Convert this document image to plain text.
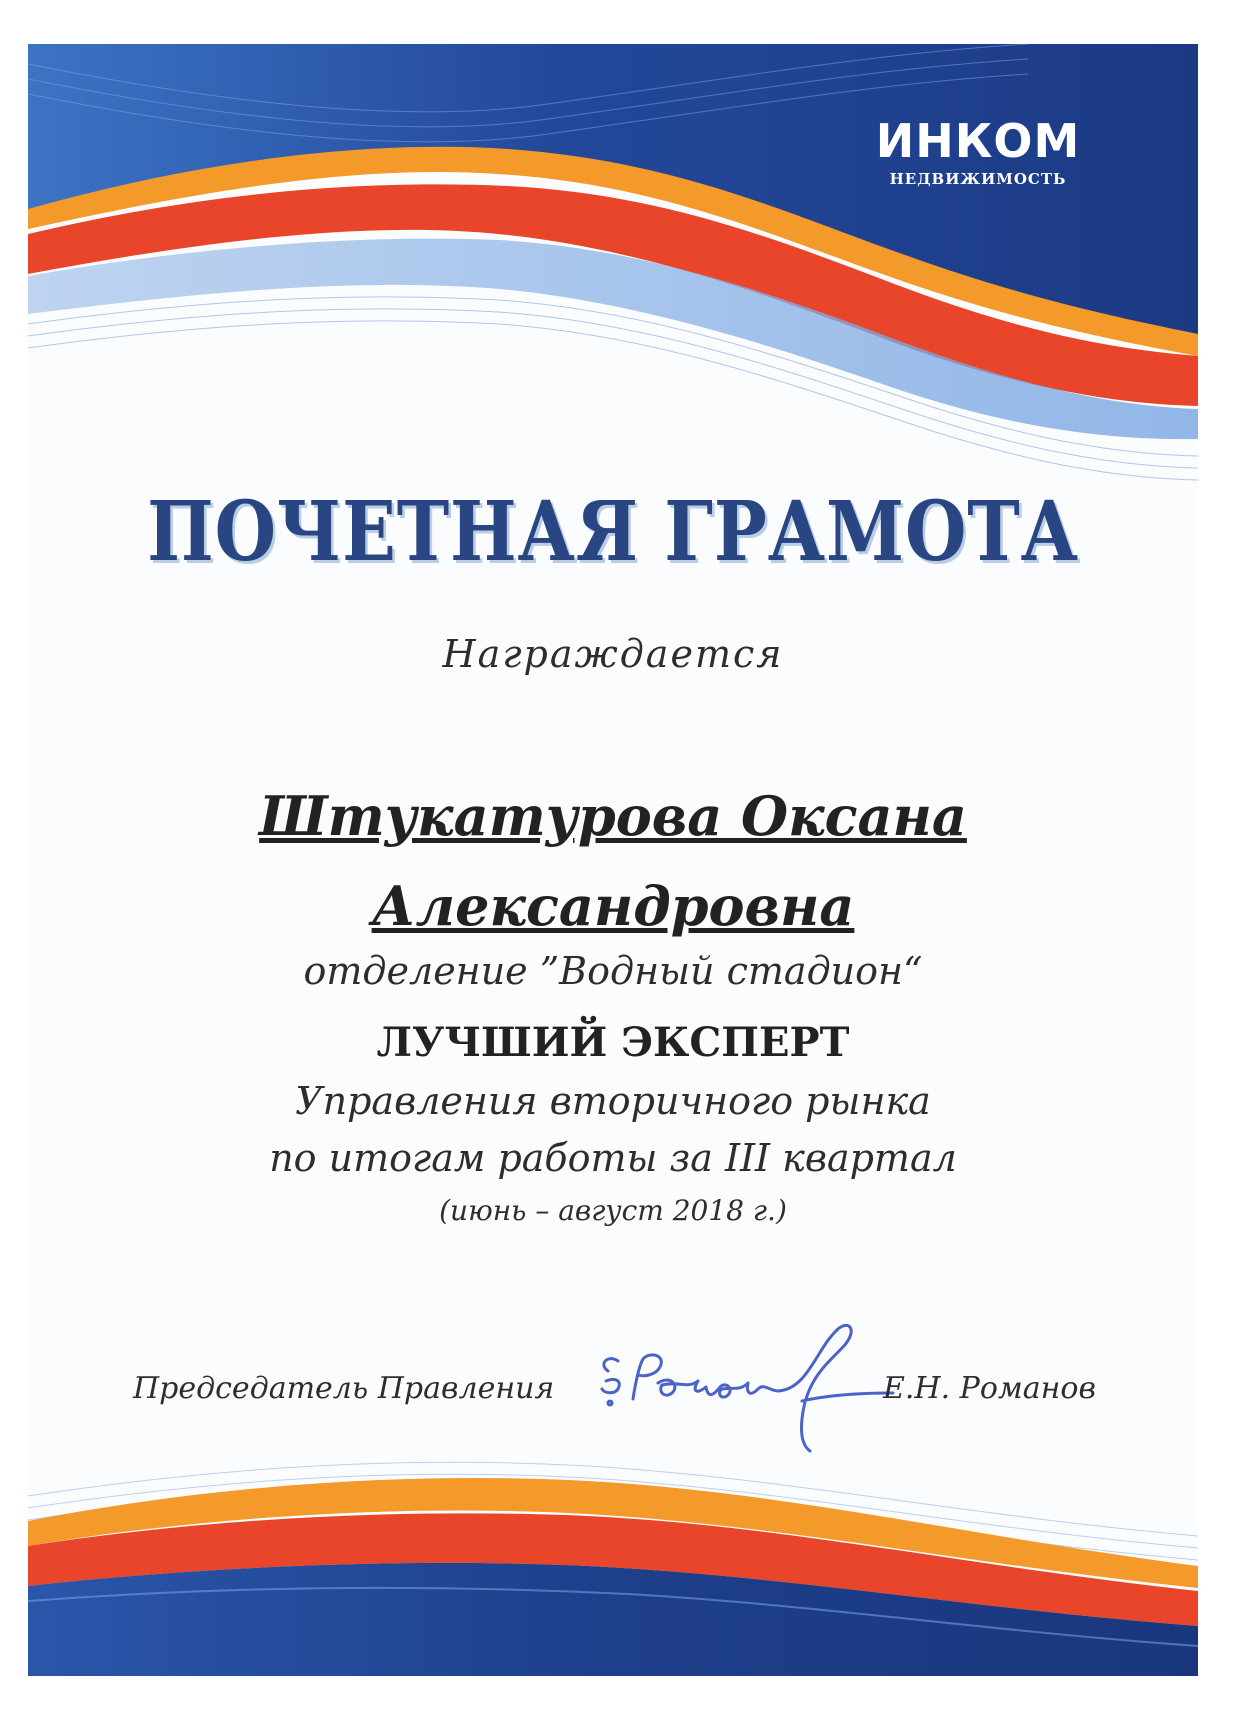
ИНКОМ
НЕДВИЖИМОСТЬ
ПОЧЕТНАЯ ГРАМОТА

Награждается

Штукатурова Оксана

Александровна

отделение ”Водный стадион“

ЛУЧШИЙ ЭКСПЕРТ

Управления вторичного рынка

по итогам работы за III квартал

(июнь – август 2018 г.)

Председатель Правления	Е.Н. Романов
